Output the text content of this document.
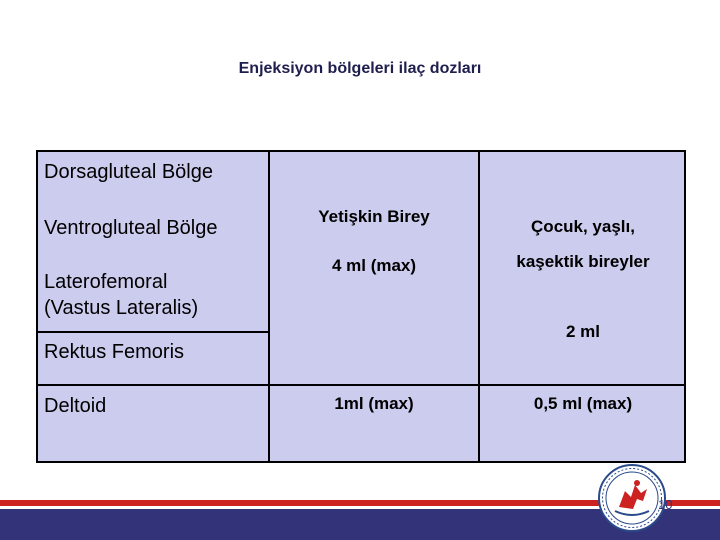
Enjeksiyon bölgeleri ilaç dozları
Dorsagluteal Bölge
Ventrogluteal Bölge
Laterofemoral
(Vastus Lateralis)
Rektus Femoris
Deltoid
Yetişkin Birey
4 ml (max)
1ml (max)
Çocuk, yaşlı,
kaşektik bireyler
2 ml
0,5 ml (max)
10
